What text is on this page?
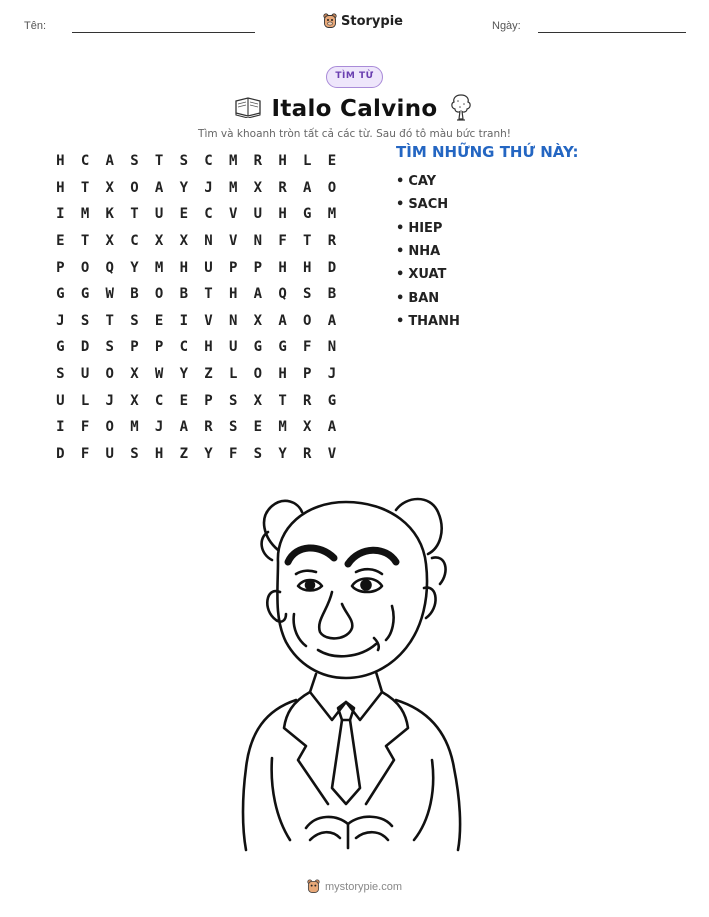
Tên:	Storypie	Ngày:
TÌM TỪ
Italo Calvino
Tìm và khoanh tròn tất cả các từ. Sau đó tô màu bức tranh!
H	C	A	S	T	S	C	M	R	H	L	E
H	T	X	O	A	Y	J	M	X	R	A	O
I	M	K	T	U	E	C	V	U	H	G	M
E	T	X	C	X	X	N	V	N	F	T	R
P	O	Q	Y	M	H	U	P	P	H	H	D
G	G	W	B	O	B	T	H	A	Q	S	B
J	S	T	S	E	I	V	N	X	A	O	A
G	D	S	P	P	C	H	U	G	G	F	N
S	U	O	X	W	Y	Z	L	O	H	P	J
U	L	J	X	C	E	P	S	X	T	R	G
I	F	O	M	J	A	R	S	E	M	X	A
D	F	U	S	H	Z	Y	F	S	Y	R	V
TÌM NHỮNG THỨ NÀY:
• CAY
• SACH
• HIEP
• NHA
• XUAT
• BAN
• THANH
mystorypie.com
